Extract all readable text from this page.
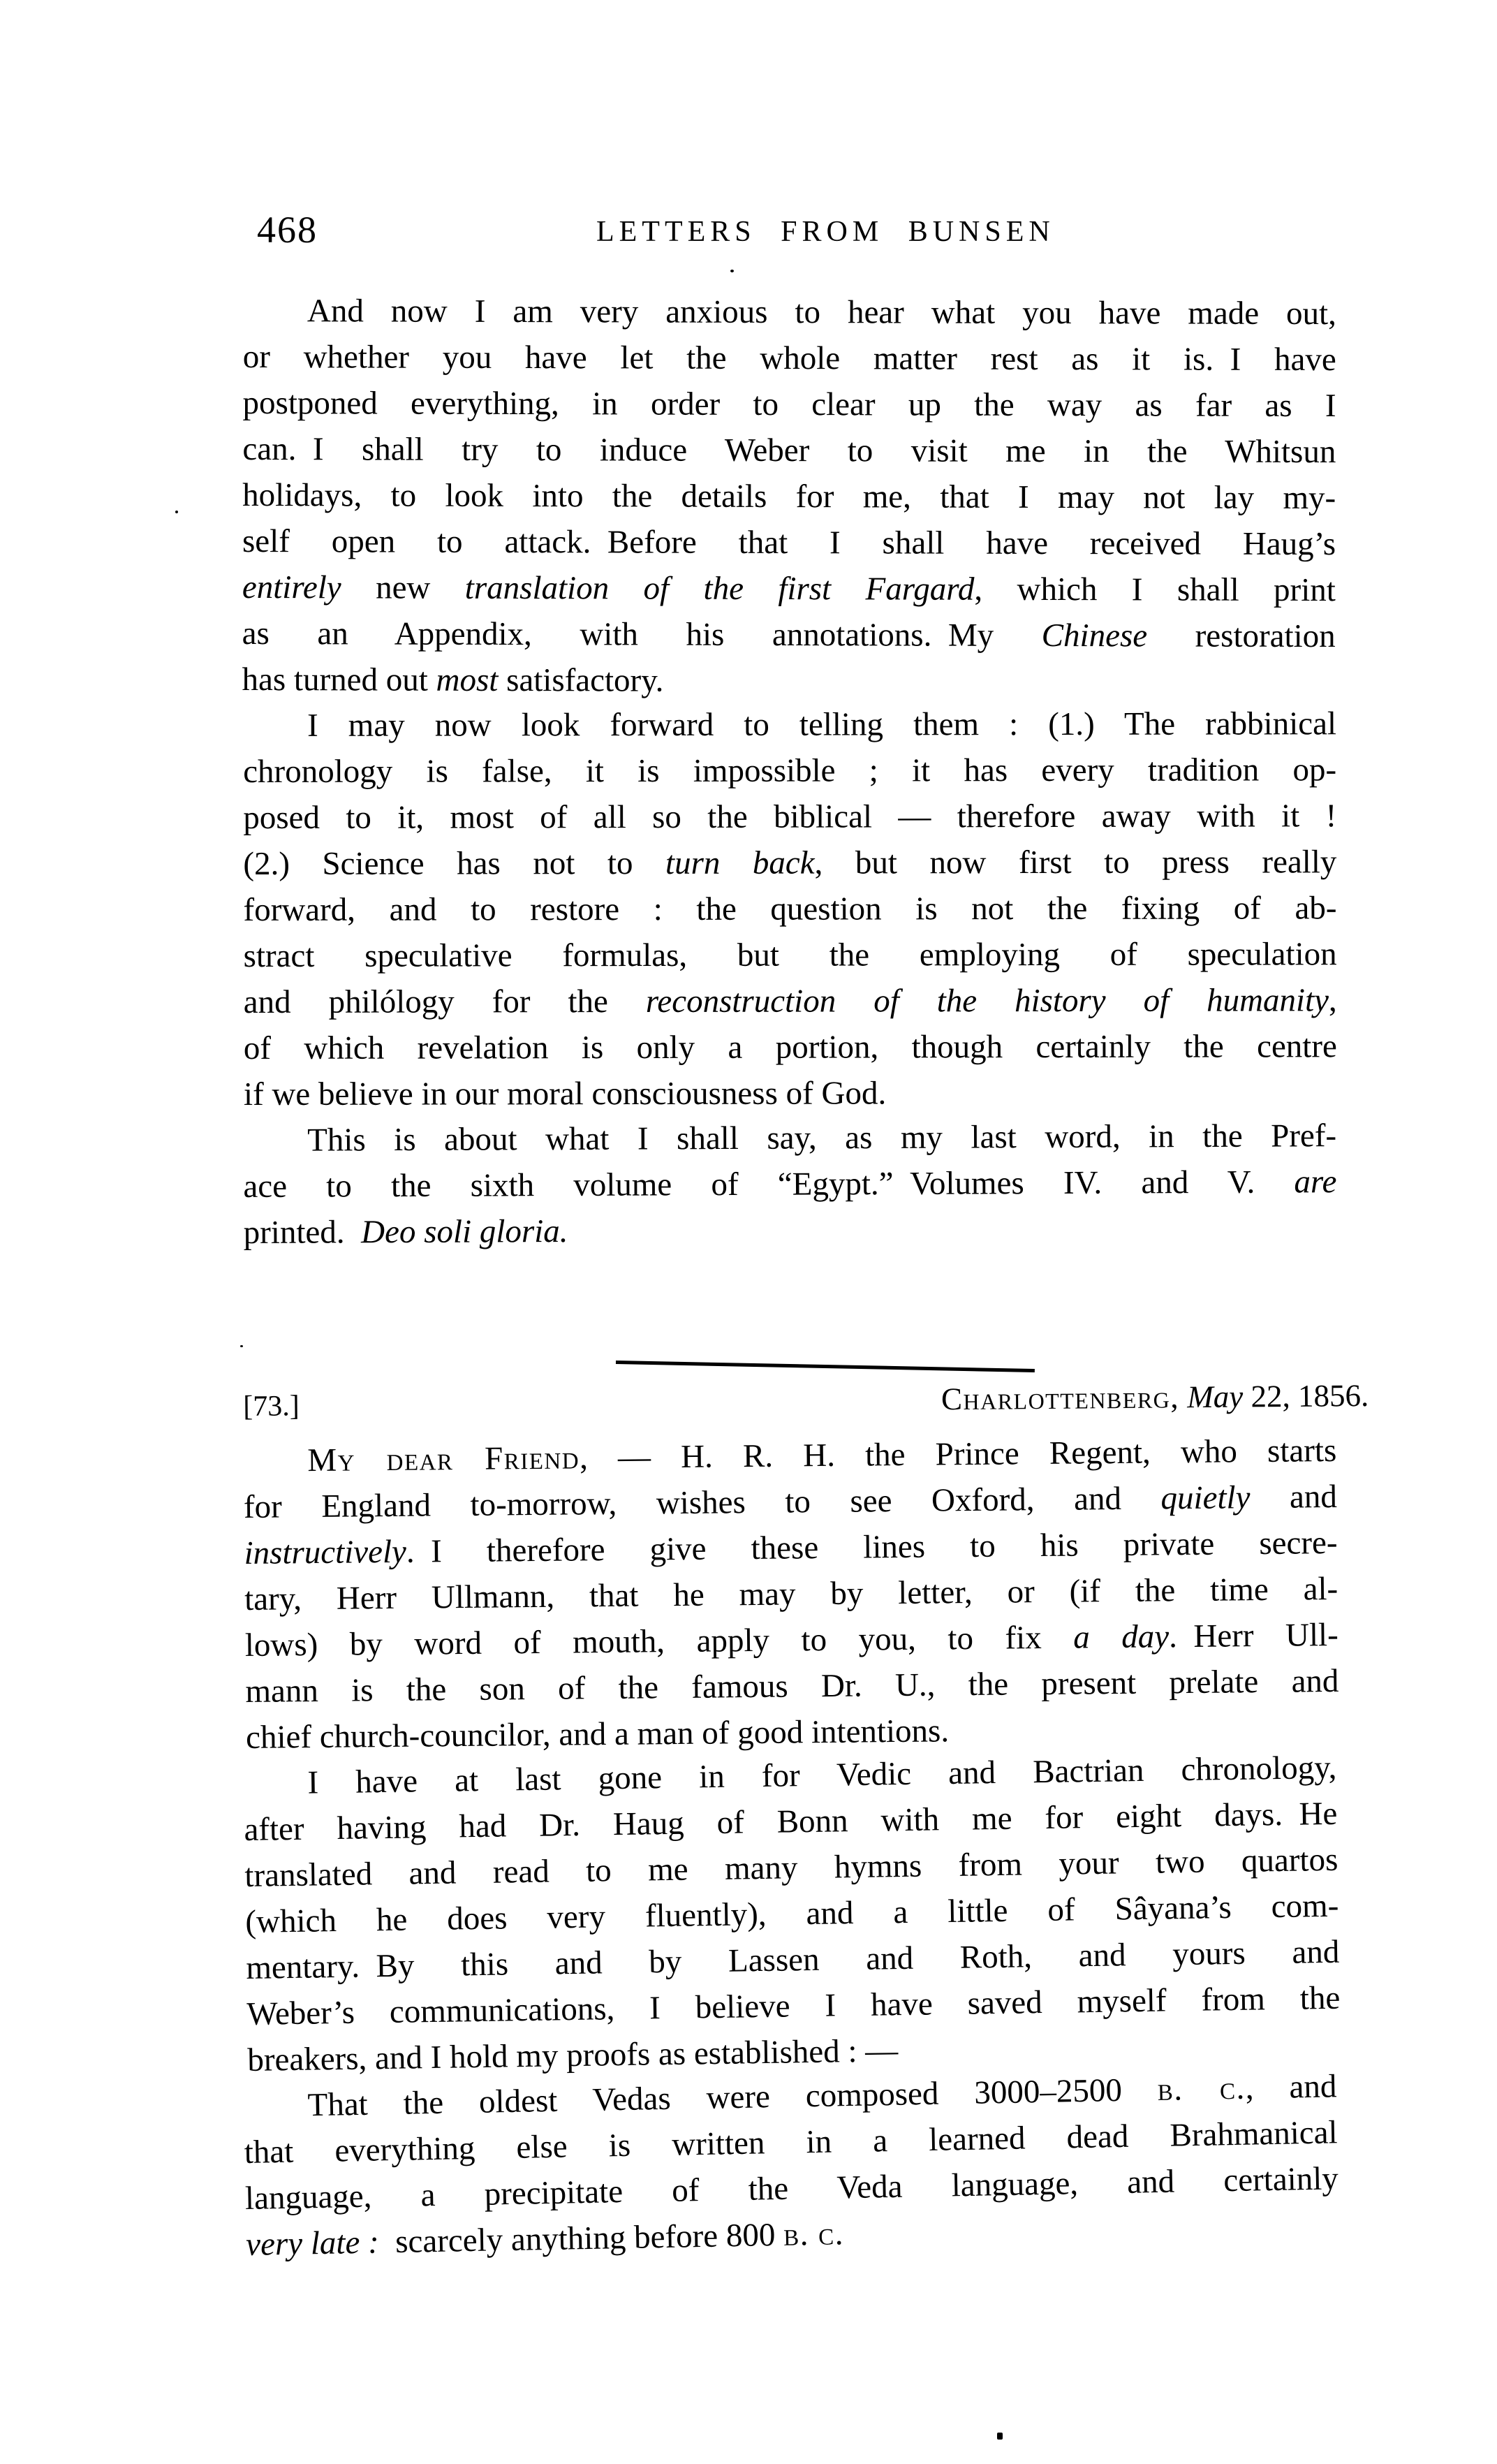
468	LETTERS FROM BUNSEN
And now I am very anxious to hear what you have made out,
or whether you have let the whole matter rest as it is. I have
postponed everything, in order to clear up the way as far as I
can. I shall try to induce Weber to visit me in the Whitsun
holidays, to look into the details for me, that I may not lay my-
self open to attack. Before that I shall have received Haug’s
entirely new translation of the first Fargard, which I shall print
as an Appendix, with his annotations. My Chinese restoration
has turned out most satisfactory.
I may now look forward to telling them : (1.) The rabbinical
chronology is false, it is impossible ; it has every tradition op-
posed to it, most of all so the biblical — therefore away with it !
(2.) Science has not to turn back, but now first to press really
forward, and to restore : the question is not the fixing of ab-
stract speculative formulas, but the employing of speculation
and philólogy for the reconstruction of the history of humanity,
of which revelation is only a portion, though certainly the centre
if we believe in our moral consciousness of God.
This is about what I shall say, as my last word, in the Pref-
ace to the sixth volume of “Egypt.” Volumes IV. and V. are
printed. Deo soli gloria.
[73.]	Charlottenberg, May 22, 1856.
My dear Friend, — H. R. H. the Prince Regent, who starts
for England to-morrow, wishes to see Oxford, and quietly and
instructively. I therefore give these lines to his private secre-
tary, Herr Ullmann, that he may by letter, or (if the time al-
lows) by word of mouth, apply to you, to fix a day. Herr Ull-
mann is the son of the famous Dr. U., the present prelate and
chief church-councilor, and a man of good intentions.
I have at last gone in for Vedic and Bactrian chronology,
after having had Dr. Haug of Bonn with me for eight days. He
translated and read to me many hymns from your two quartos
(which he does very fluently), and a little of Sâyana’s com-
mentary. By this and by Lassen and Roth, and yours and
Weber’s communications, I believe I have saved myself from the
breakers, and I hold my proofs as established : —
That the oldest Vedas were composed 3000–2500 b. c., and
that everything else is written in a learned dead Brahmanical
language, a precipitate of the Veda language, and certainly
very late : scarcely anything before 800 b. c.
